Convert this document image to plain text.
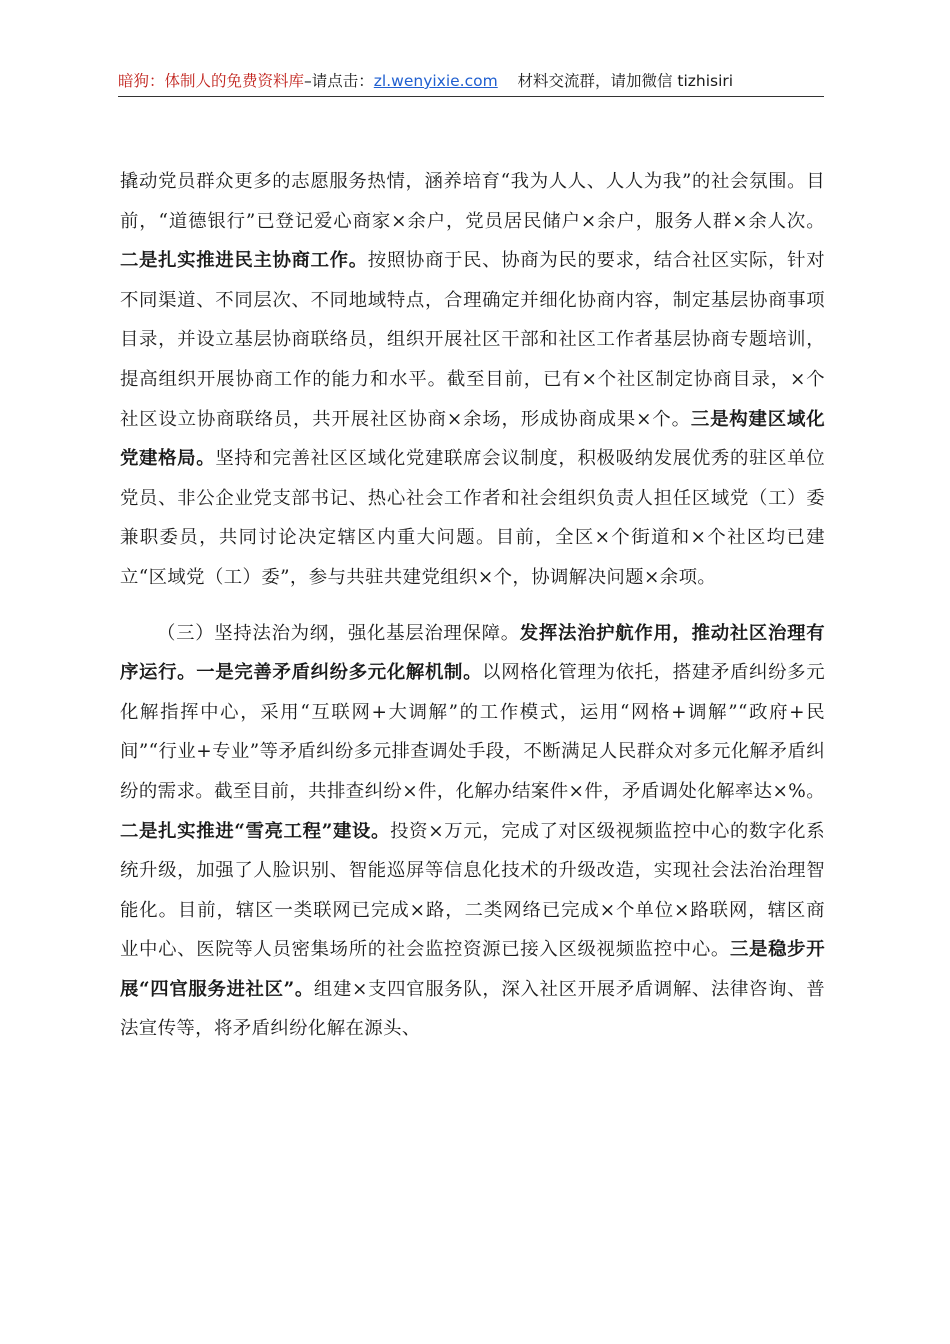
暗狗：体制人的免费资料库–请点击：zl.wenyixie.com 材料交流群，请加微信 tizhisiri

撬动党员群众更多的志愿服务热情，涵养培育“我为人人、人人为我”的社会氛围。目前，“道德银行”已登记爱心商家×余户，党员居民储户×余户，服务人群×余人次。二是扎实推进民主协商工作。按照协商于民、协商为民的要求，结合社区实际，针对不同渠道、不同层次、不同地域特点，合理确定并细化协商内容，制定基层协商事项目录，并设立基层协商联络员，组织开展社区干部和社区工作者基层协商专题培训，提高组织开展协商工作的能力和水平。截至目前，已有×个社区制定协商目录，×个社区设立协商联络员，共开展社区协商×余场，形成协商成果×个。三是构建区域化党建格局。坚持和完善社区区域化党建联席会议制度，积极吸纳发展优秀的驻区单位党员、非公企业党支部书记、热心社会工作者和社会组织负责人担任区域党（工）委兼职委员，共同讨论决定辖区内重大问题。目前，全区×个街道和×个社区均已建立“区域党（工）委”，参与共驻共建党组织×个，协调解决问题×余项。

（三）坚持法治为纲，强化基层治理保障。发挥法治护航作用，推动社区治理有序运行。一是完善矛盾纠纷多元化解机制。以网格化管理为依托，搭建矛盾纠纷多元化解指挥中心，采用“互联网+大调解”的工作模式，运用“网格+调解”“政府+民间”“行业+专业”等矛盾纠纷多元排查调处手段，不断满足人民群众对多元化解矛盾纠纷的需求。截至目前，共排查纠纷×件，化解办结案件×件，矛盾调处化解率达×%。二是扎实推进“雪亮工程”建设。投资×万元，完成了对区级视频监控中心的数字化系统升级，加强了人脸识别、智能巡屏等信息化技术的升级改造，实现社会法治治理智能化。目前，辖区一类联网已完成×路，二类网络已完成×个单位×路联网，辖区商业中心、医院等人员密集场所的社会监控资源已接入区级视频监控中心。三是稳步开展“四官服务进社区”。组建×支四官服务队，深入社区开展矛盾调解、法律咨询、普法宣传等，将矛盾纠纷化解在源头、
